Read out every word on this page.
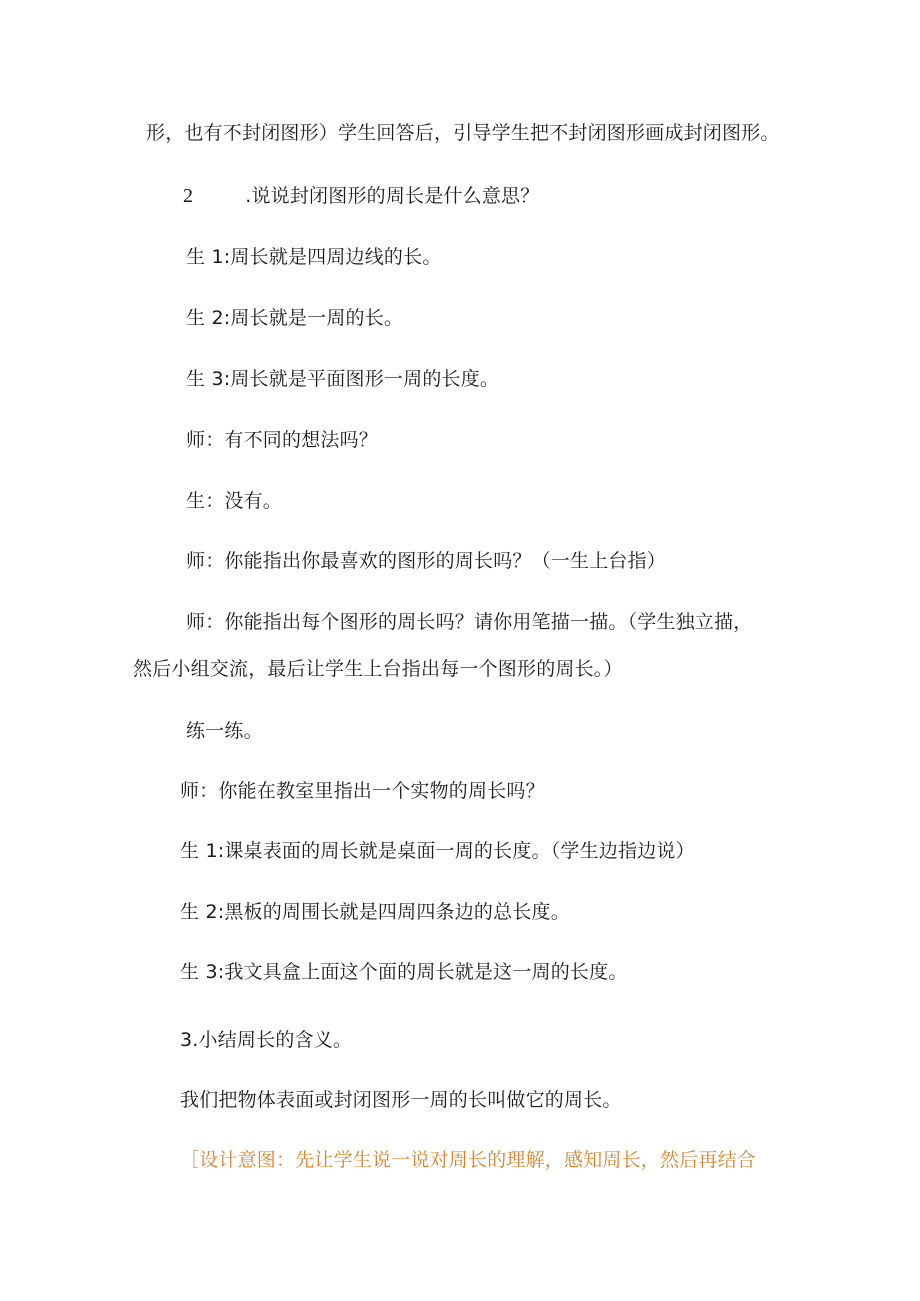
形，也有不封闭图形）学生回答后，引导学生把不封闭图形画成封闭图形。
2	.说说封闭图形的周长是什么意思？
生 1:周长就是四周边线的长。
生 2:周长就是一周的长。
生 3:周长就是平面图形一周的长度。
师：有不同的想法吗？
生：没有。
师：你能指出你最喜欢的图形的周长吗？（一生上台指）
师：你能指出每个图形的周长吗？请你用笔描一描。（学生独立描，
然后小组交流，最后让学生上台指出每一个图形的周长。）
练一练。
师：你能在教室里指出一个实物的周长吗？
生 1:课桌表面的周长就是桌面一周的长度。（学生边指边说）
生 2:黑板的周围长就是四周四条边的总长度。
生 3:我文具盒上面这个面的周长就是这一周的长度。
3.小结周长的含义。
我们把物体表面或封闭图形一周的长叫做它的周长。
［设计意图：先让学生说一说对周长的理解，感知周长，然后再结合
